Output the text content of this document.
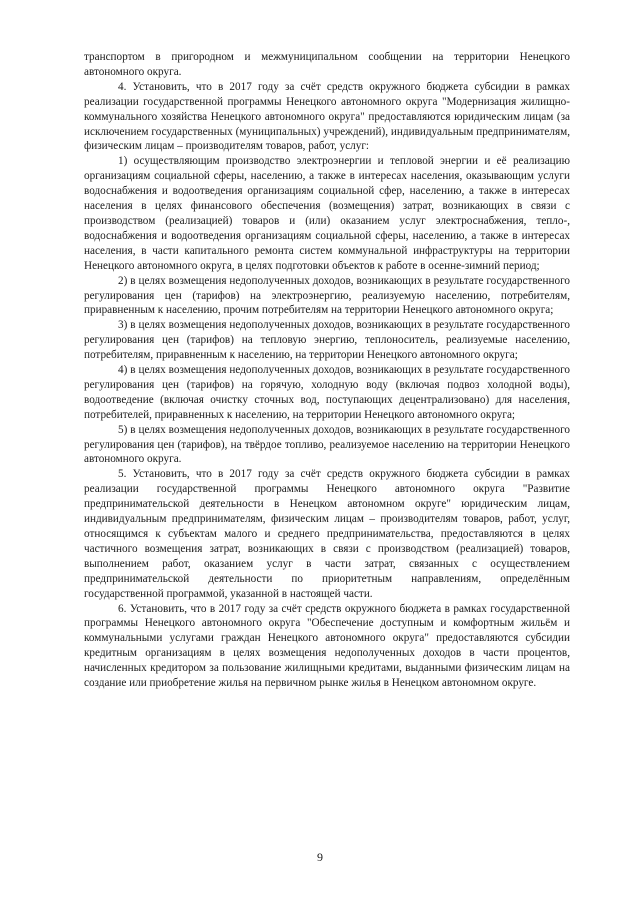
транспортом в пригородном и межмуниципальном сообщении на территории Ненецкого автономного округа.

4. Установить, что в 2017 году за счёт средств окружного бюджета субсидии в рамках реализации государственной программы Ненецкого автономного округа "Модернизация жилищно-коммунального хозяйства Ненецкого автономного округа" предоставляются юридическим лицам (за исключением государственных (муниципальных) учреждений), индивидуальным предпринимателям, физическим лицам – производителям товаров, работ, услуг:

1) осуществляющим производство электроэнергии и тепловой энергии и её реализацию организациям социальной сферы, населению, а также в интересах населения, оказывающим услуги водоснабжения и водоотведения организациям социальной сфер, населению, а также в интересах населения в целях финансового обеспечения (возмещения) затрат, возникающих в связи с производством (реализацией) товаров и (или) оказанием услуг электроснабжения, тепло-, водоснабжения и водоотведения организациям социальной сферы, населению, а также в интересах населения, в части капитального ремонта систем коммунальной инфраструктуры на территории Ненецкого автономного округа, в целях подготовки объектов к работе в осенне-зимний период;

2) в целях возмещения недополученных доходов, возникающих в результате государственного регулирования цен (тарифов) на электроэнергию, реализуемую населению, потребителям, приравненным к населению, прочим потребителям на территории Ненецкого автономного округа;

3) в целях возмещения недополученных доходов, возникающих в результате государственного регулирования цен (тарифов) на тепловую энергию, теплоноситель, реализуемые населению, потребителям, приравненным к населению, на территории Ненецкого автономного округа;

4) в целях возмещения недополученных доходов, возникающих в результате государственного регулирования цен (тарифов) на горячую, холодную воду (включая подвоз холодной воды), водоотведение (включая очистку сточных вод, поступающих децентрализовано) для населения, потребителей, приравненных к населению, на территории Ненецкого автономного округа;

5) в целях возмещения недополученных доходов, возникающих в результате государственного регулирования цен (тарифов), на твёрдое топливо, реализуемое населению на территории Ненецкого автономного округа.

5. Установить, что в 2017 году за счёт средств окружного бюджета субсидии в рамках реализации государственной программы Ненецкого автономного округа "Развитие предпринимательской деятельности в Ненецком автономном округе" юридическим лицам, индивидуальным предпринимателям, физическим лицам – производителям товаров, работ, услуг, относящимся к субъектам малого и среднего предпринимательства, предоставляются в целях частичного возмещения затрат, возникающих в связи с производством (реализацией) товаров, выполнением работ, оказанием услуг в части затрат, связанных с осуществлением предпринимательской деятельности по приоритетным направлениям, определённым государственной программой, указанной в настоящей части.

6. Установить, что в 2017 году за счёт средств окружного бюджета в рамках государственной программы Ненецкого автономного округа "Обеспечение доступным и комфортным жильём и коммунальными услугами граждан Ненецкого автономного округа" предоставляются субсидии кредитным организациям в целях возмещения недополученных доходов в части процентов, начисленных кредитором за пользование жилищными кредитами, выданными физическим лицам на создание или приобретение жилья на первичном рынке жилья в Ненецком автономном округе.

9
